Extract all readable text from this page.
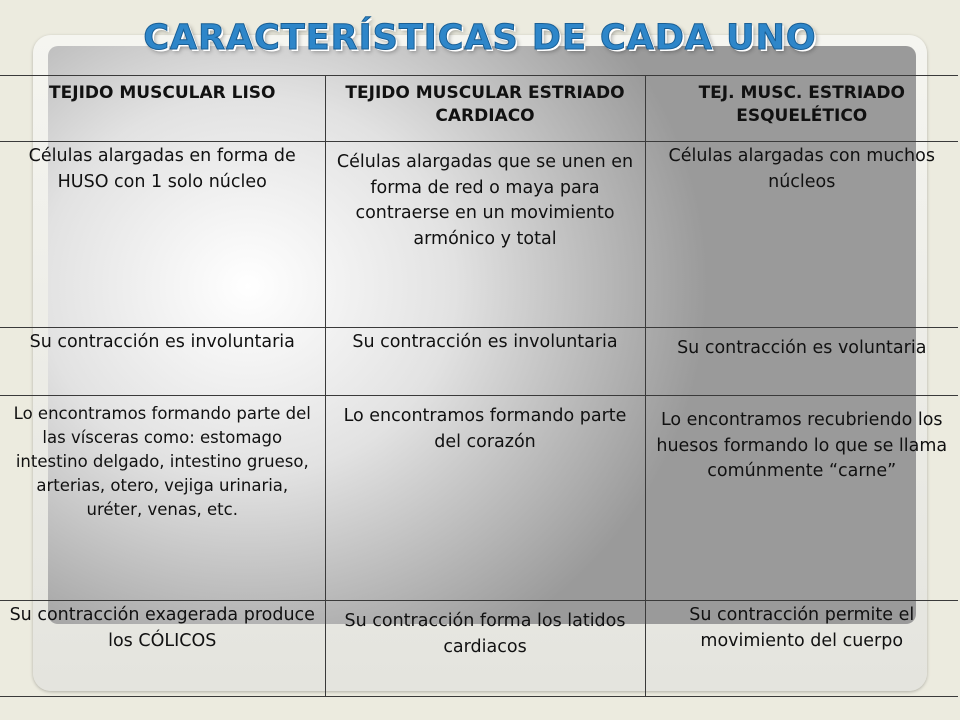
CARACTERÍSTICAS DE CADA UNO
TEJIDO MUSCULAR LISO	TEJIDO MUSCULAR ESTRIADO CARDIACO	TEJ. MUSC. ESTRIADO ESQUELÉTICO
Células alargadas en forma de HUSO con 1 solo núcleo	Células alargadas que se unen en forma de red o maya para contraerse en un movimiento armónico y total	Células alargadas con muchos núcleos
Su contracción es involuntaria	Su contracción es involuntaria	Su contracción es voluntaria
Lo encontramos formando parte del las vísceras como: estomago intestino delgado, intestino grueso, arterias, otero, vejiga urinaria, uréter, venas, etc.	Lo encontramos formando parte del corazón	Lo encontramos recubriendo los huesos formando lo que se llama comúnmente “carne”
Su contracción exagerada produce los CÓLICOS	Su contracción forma los latidos cardiacos	Su contracción permite el movimiento del cuerpo
